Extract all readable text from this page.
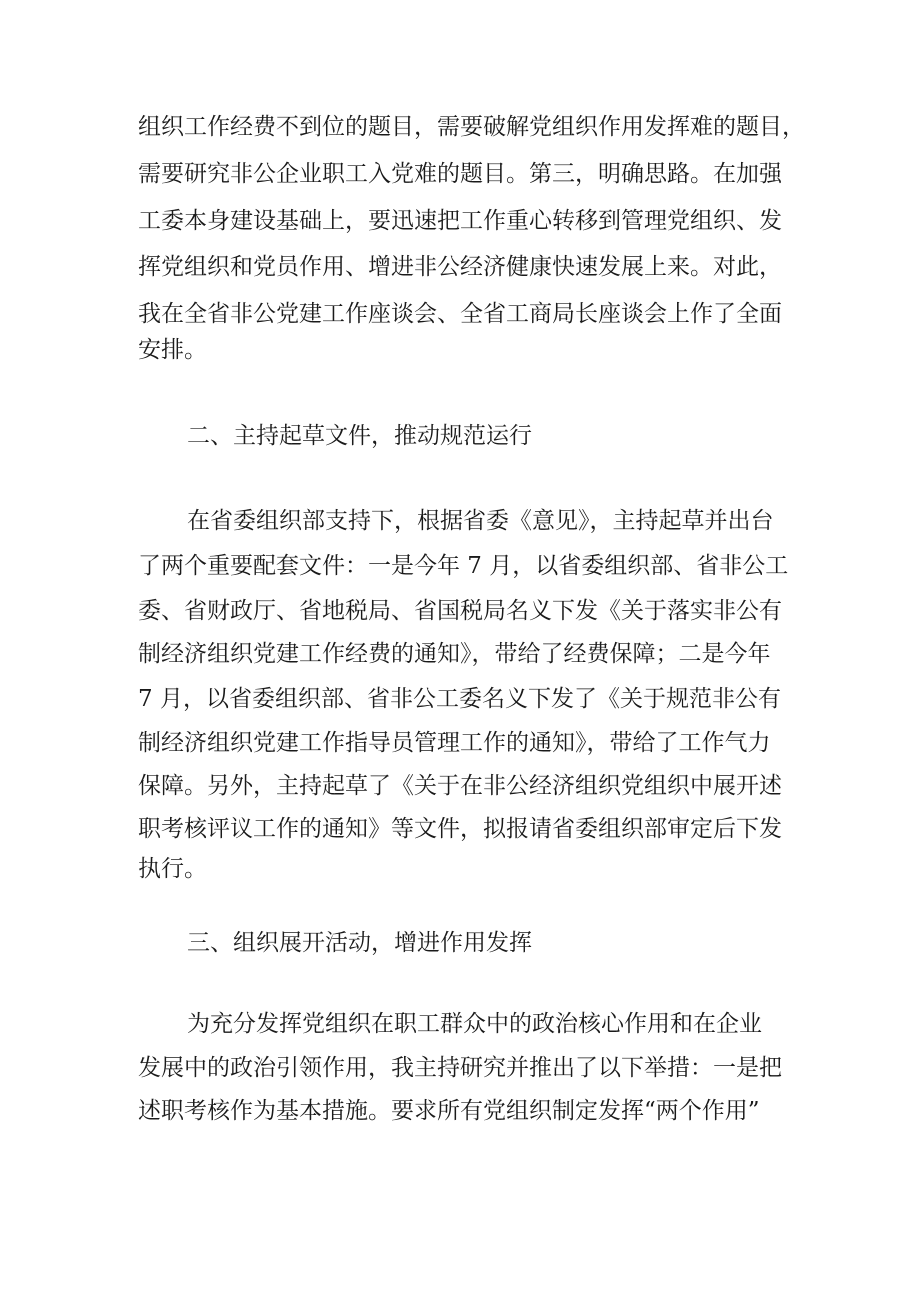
组织工作经费不到位的题目，需要破解党组织作用发挥难的题目，
需要研究非公企业职工入党难的题目。第三，明确思路。在加强
工委本身建设基础上，要迅速把工作重心转移到管理党组织、发
挥党组织和党员作用、增进非公经济健康快速发展上来。对此，
我在全省非公党建工作座谈会、全省工商局长座谈会上作了全面
安排。
二、主持起草文件，推动规范运行
在省委组织部支持下，根据省委《意见》，主持起草并出台
了两个重要配套文件：一是今年 7 月，以省委组织部、省非公工
委、省财政厅、省地税局、省国税局名义下发《关于落实非公有
制经济组织党建工作经费的通知》，带给了经费保障；二是今年
7 月，以省委组织部、省非公工委名义下发了《关于规范非公有
制经济组织党建工作指导员管理工作的通知》，带给了工作气力
保障。另外，主持起草了《关于在非公经济组织党组织中展开述
职考核评议工作的通知》等文件，拟报请省委组织部审定后下发
执行。
三、组织展开活动，增进作用发挥
为充分发挥党组织在职工群众中的政治核心作用和在企业
发展中的政治引领作用，我主持研究并推出了以下举措：一是把
述职考核作为基本措施。要求所有党组织制定发挥“两个作用”
